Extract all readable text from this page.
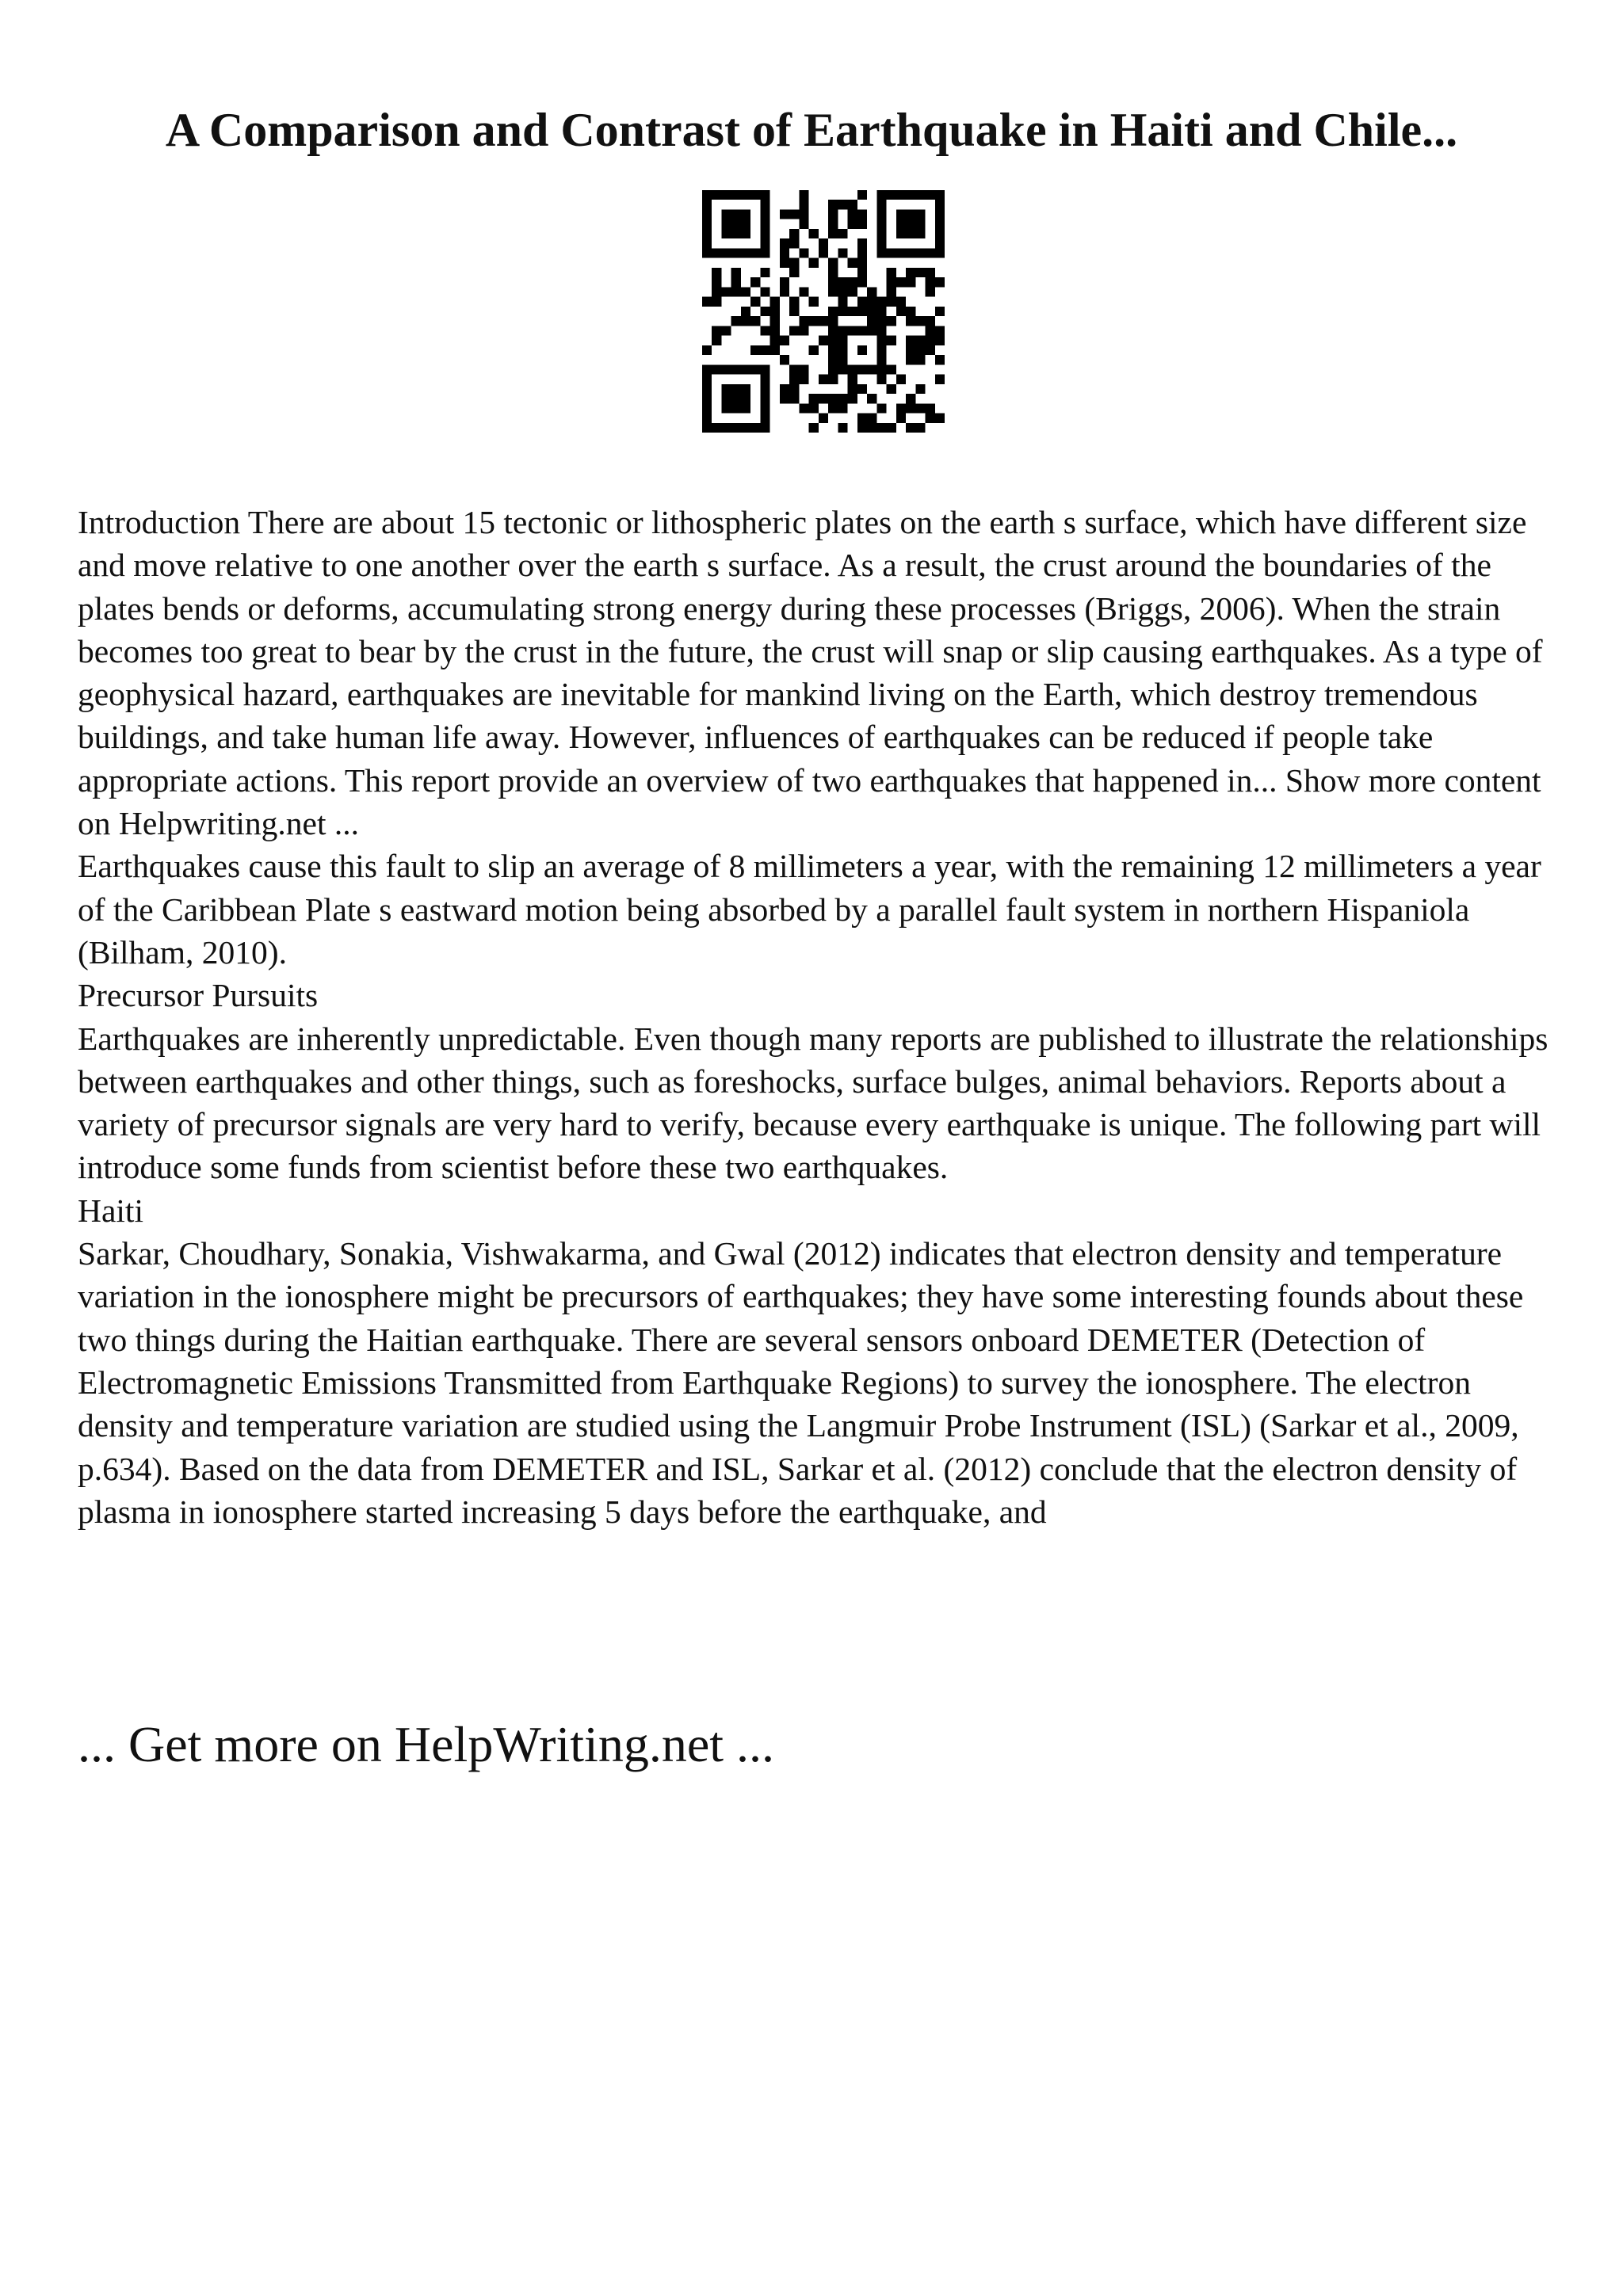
A Comparison and Contrast of Earthquake in Haiti and Chile...

Introduction There are about 15 tectonic or lithospheric plates on the earth s surface, which have different size and move relative to one another over the earth s surface. As a result, the crust around the boundaries of the plates bends or deforms, accumulating strong energy during these processes (Briggs, 2006). When the strain becomes too great to bear by the crust in the future, the crust will snap or slip causing earthquakes. As a type of geophysical hazard, earthquakes are inevitable for mankind living on the Earth, which destroy tremendous buildings, and take human life away. However, influences of earthquakes can be reduced if people take appropriate actions. This report provide an overview of two earthquakes that happened in... Show more content on Helpwriting.net ...

Earthquakes cause this fault to slip an average of 8 millimeters a year, with the remaining 12 millimeters a year of the Caribbean Plate s eastward motion being absorbed by a parallel fault system in northern Hispaniola (Bilham, 2010).

Precursor Pursuits

Earthquakes are inherently unpredictable. Even though many reports are published to illustrate the relationships between earthquakes and other things, such as foreshocks, surface bulges, animal behaviors. Reports about a variety of precursor signals are very hard to verify, because every earthquake is unique. The following part will introduce some funds from scientist before these two earthquakes.

Haiti

Sarkar, Choudhary, Sonakia, Vishwakarma, and Gwal (2012) indicates that electron density and temperature variation in the ionosphere might be precursors of earthquakes; they have some interesting founds about these two things during the Haitian earthquake. There are several sensors onboard DEMETER (Detection of Electromagnetic Emissions Transmitted from Earthquake Regions) to survey the ionosphere. The electron density and temperature variation are studied using the Langmuir Probe Instrument (ISL) (Sarkar et al., 2009, p.634). Based on the data from DEMETER and ISL, Sarkar et al. (2012) conclude that the electron density of plasma in ionosphere started increasing 5 days before the earthquake, and

... Get more on HelpWriting.net ...
